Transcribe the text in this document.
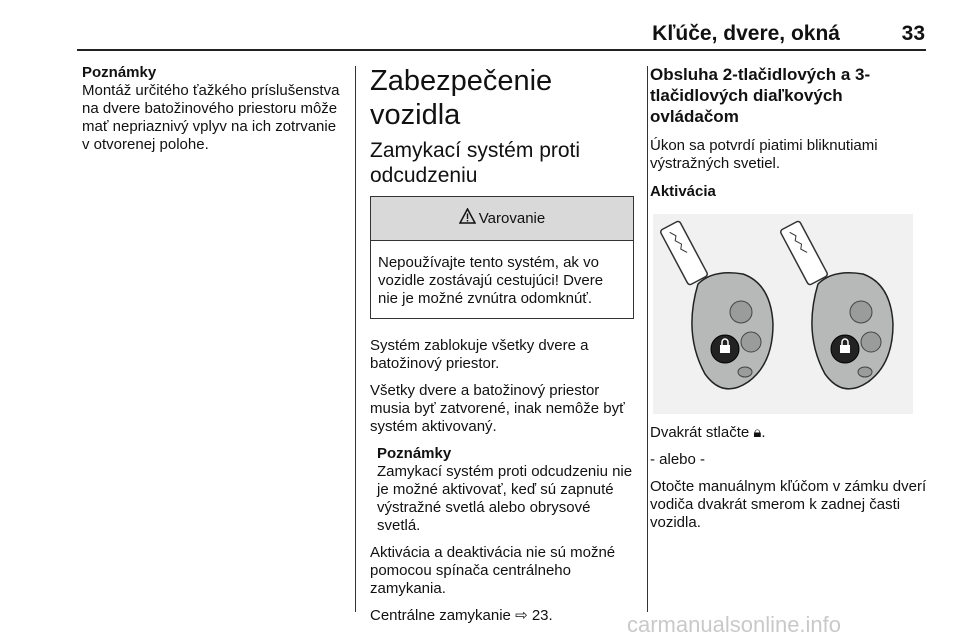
Kľúče, dvere, okná	33
Poznámky
Montáž určitého ťažkého príslušenstva na dvere batožinového priestoru môže mať nepriaznivý vplyv na ich zotrvanie v otvorenej polohe.
Zabezpečenie vozidla
Zamykací systém proti odcudzeniu
Varovanie
Nepoužívajte tento systém, ak vo vozidle zostávajú cestujúci! Dvere nie je možné zvnútra odomknúť.

Systém zablokuje všetky dvere a batožinový priestor.

Všetky dvere a batožinový priestor musia byť zatvorené, inak nemôže byť systém aktivovaný.

Poznámky
Zamykací systém proti odcudzeniu nie je možné aktivovať, keď sú zapnuté výstražné svetlá alebo obrysové svetlá.

Aktivácia a deaktivácia nie sú možné pomocou spínača centrálneho zamykania.

Centrálne zamykanie ⇨ 23.

Obsluha 2-tlačidlových a 3-tlačidlových diaľkových ovládačom

Úkon sa potvrdí piatimi bliknutiami výstražných svetiel.

Aktivácia

Dvakrát stlačte 🔒︎.

- alebo -

Otočte manuálnym kľúčom v zámku dverí vodiča dvakrát smerom k zadnej časti vozidla.

carmanualsonline.info
